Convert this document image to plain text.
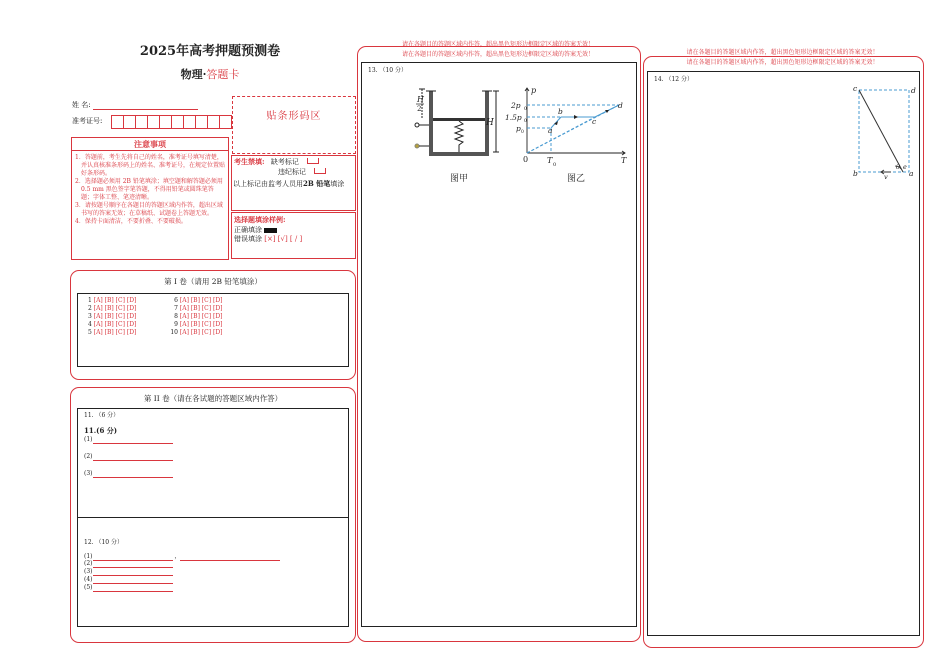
2025年高考押题预测卷
物理·答题卡
姓 名:
准考证号:	贴条形码区
注意事项
1．答题前，考生先将自己的姓名，准考证号填写清楚，并认真核准条形码上的姓名、准考证号，在规定位置贴好条形码。
2．选择题必须用 2B 铅笔填涂；填空题和解答题必须用 0.5 mm 黑色签字笔答题，不得用铅笔或圆珠笔答题；字体工整、笔迹清晰。
3．请按题号顺序在各题目的答题区域内作答，超出区域书写的答案无效；在草稿纸、试题卷上答题无效。
4．保持卡面清洁，不要折叠、不要破损。
考生禁填: 缺考标记
违纪标记
以上标记由监考人员用2B 铅笔填涂
选择题填涂样例:
正确填涂
错误填涂 [×] [√] [ / ]
第 I 卷（请用 2B 铅笔填涂）
1 [A] [B] [C] [D]
2 [A] [B] [C] [D]
3 [A] [B] [C] [D]
4 [A] [B] [C] [D]
5 [A] [B] [C] [D]
6 [A] [B] [C] [D]
7 [A] [B] [C] [D]
8 [A] [B] [C] [D]
9 [A] [B] [C] [D]
10 [A] [B] [C] [D]
第 II 卷（请在各试题的答题区域内作答）
11. （6 分）
11.(6 分)
(1)
(2)
(3)
12. （10 分）
(1)	，
(2)
(3)
(4)
(5)
请在各题目的答题区域内作答，超出黑色矩形边框限定区域的答案无效！
请在各题目的答题区域内作答，超出黑色矩形边框限定区域的答案无效！
13. （10 分）
H
2
H
图甲
p
T
0 T 0
2p 0
1.5p 0
p 0	a
b
c
d
图乙
请在各题目的答题区域内作答，超出黑色矩形边框限定区域的答案无效！
请在各题目的答题区域内作答，超出黑色矩形边框限定区域的答案无效！
14. （12 分）
c	d
b	a
θ
v
e
